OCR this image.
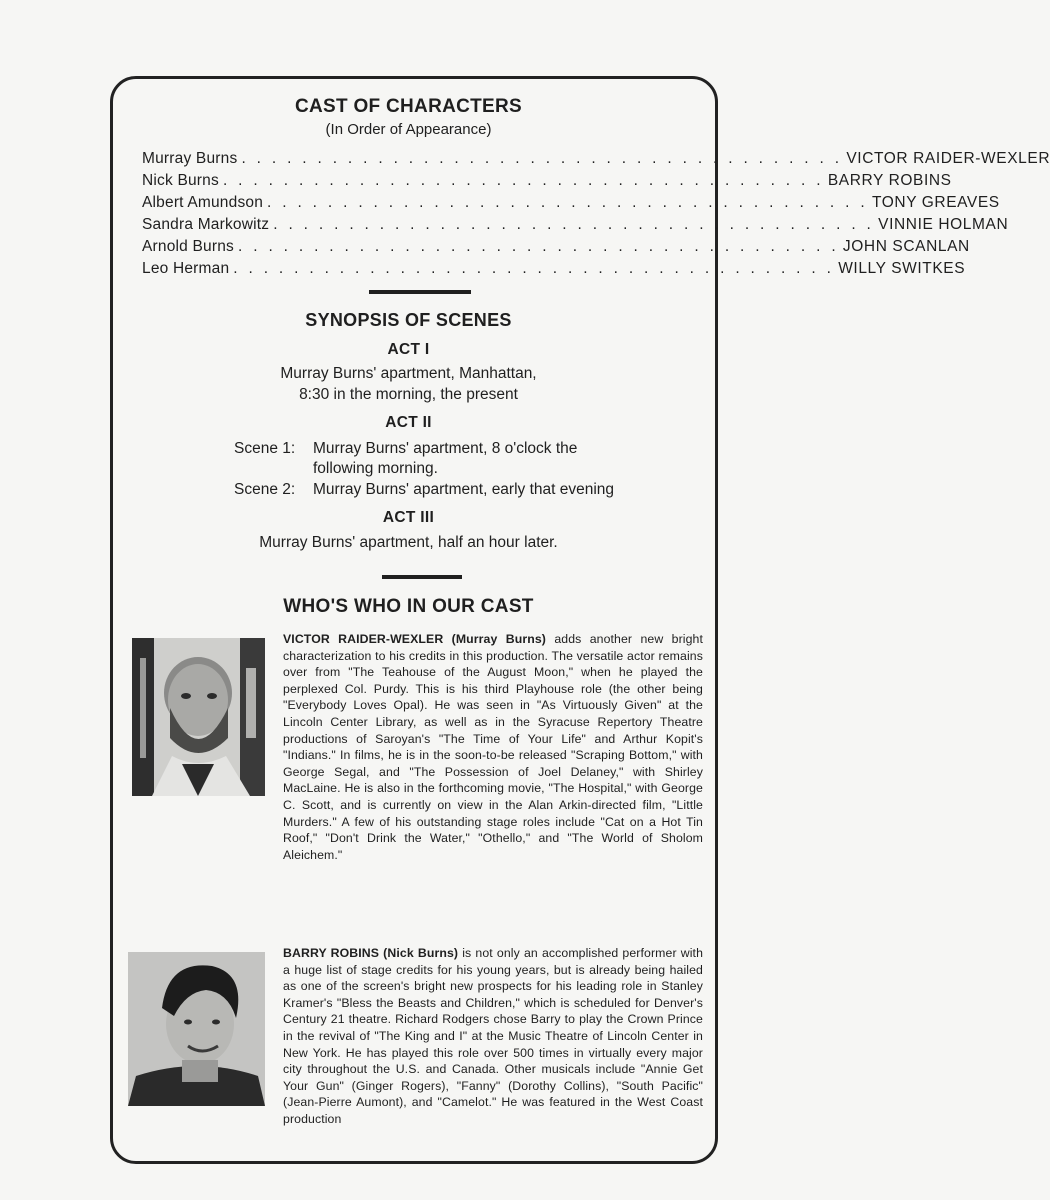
CAST OF CHARACTERS
(In Order of Appearance)
Murray Burns . . . . . . . . . . . . . . . . . . . . . . . . . . . . . . . . . . . . . . . . VICTOR RAIDER-WEXLER
Nick Burns . . . . . . . . . . . . . . . . . . . . . . . . . . . . . . . . . . . . . . . . BARRY ROBINS
Albert Amundson . . . . . . . . . . . . . . . . . . . . . . . . . . . . . . . . . . . . . . . . TONY GREAVES
Sandra Markowitz . . . . . . . . . . . . . . . . . . . . . . . . . . . . . . . . . . . . . . . . VINNIE HOLMAN
Arnold Burns . . . . . . . . . . . . . . . . . . . . . . . . . . . . . . . . . . . . . . . . JOHN SCANLAN
Leo Herman . . . . . . . . . . . . . . . . . . . . . . . . . . . . . . . . . . . . . . . . WILLY SWITKES
SYNOPSIS OF SCENES
ACT I
Murray Burns' apartment, Manhattan,
8:30 in the morning, the present
ACT II
Scene 1: Murray Burns' apartment, 8 o'clock the
following morning.
Scene 2: Murray Burns' apartment, early that evening
ACT III
Murray Burns' apartment, half an hour later.
WHO'S WHO IN OUR CAST
VICTOR RAIDER-WEXLER (Murray Burns) adds another new bright characterization to his credits in this production. The versatile actor remains over from "The Teahouse of the August Moon," when he played the perplexed Col. Purdy. This is his third Playhouse role (the other being "Everybody Loves Opal). He was seen in "As Virtuously Given" at the Lincoln Center Library, as well as in the Syracuse Repertory Theatre productions of Saroyan's "The Time of Your Life" and Arthur Kopit's "Indians." In films, he is in the soon-to-be released "Scraping Bottom," with George Segal, and "The Possession of Joel Delaney," with Shirley MacLaine. He is also in the forthcoming movie, "The Hospital," with George C. Scott, and is currently on view in the Alan Arkin-directed film, "Little Murders." A few of his outstanding stage roles include "Cat on a Hot Tin Roof," "Don't Drink the Water," "Othello," and "The World of Sholom Aleichem."
BARRY ROBINS (Nick Burns) is not only an accomplished performer with a huge list of stage credits for his young years, but is already being hailed as one of the screen's bright new prospects for his leading role in Stanley Kramer's "Bless the Beasts and Children," which is scheduled for Denver's Century 21 theatre. Richard Rodgers chose Barry to play the Crown Prince in the revival of "The King and I" at the Music Theatre of Lincoln Center in New York. He has played this role over 500 times in virtually every major city throughout the U.S. and Canada. Other musicals include "Annie Get Your Gun" (Ginger Rogers), "Fanny" (Dorothy Collins), "South Pacific" (Jean-Pierre Aumont), and "Camelot." He was featured in the West Coast production
